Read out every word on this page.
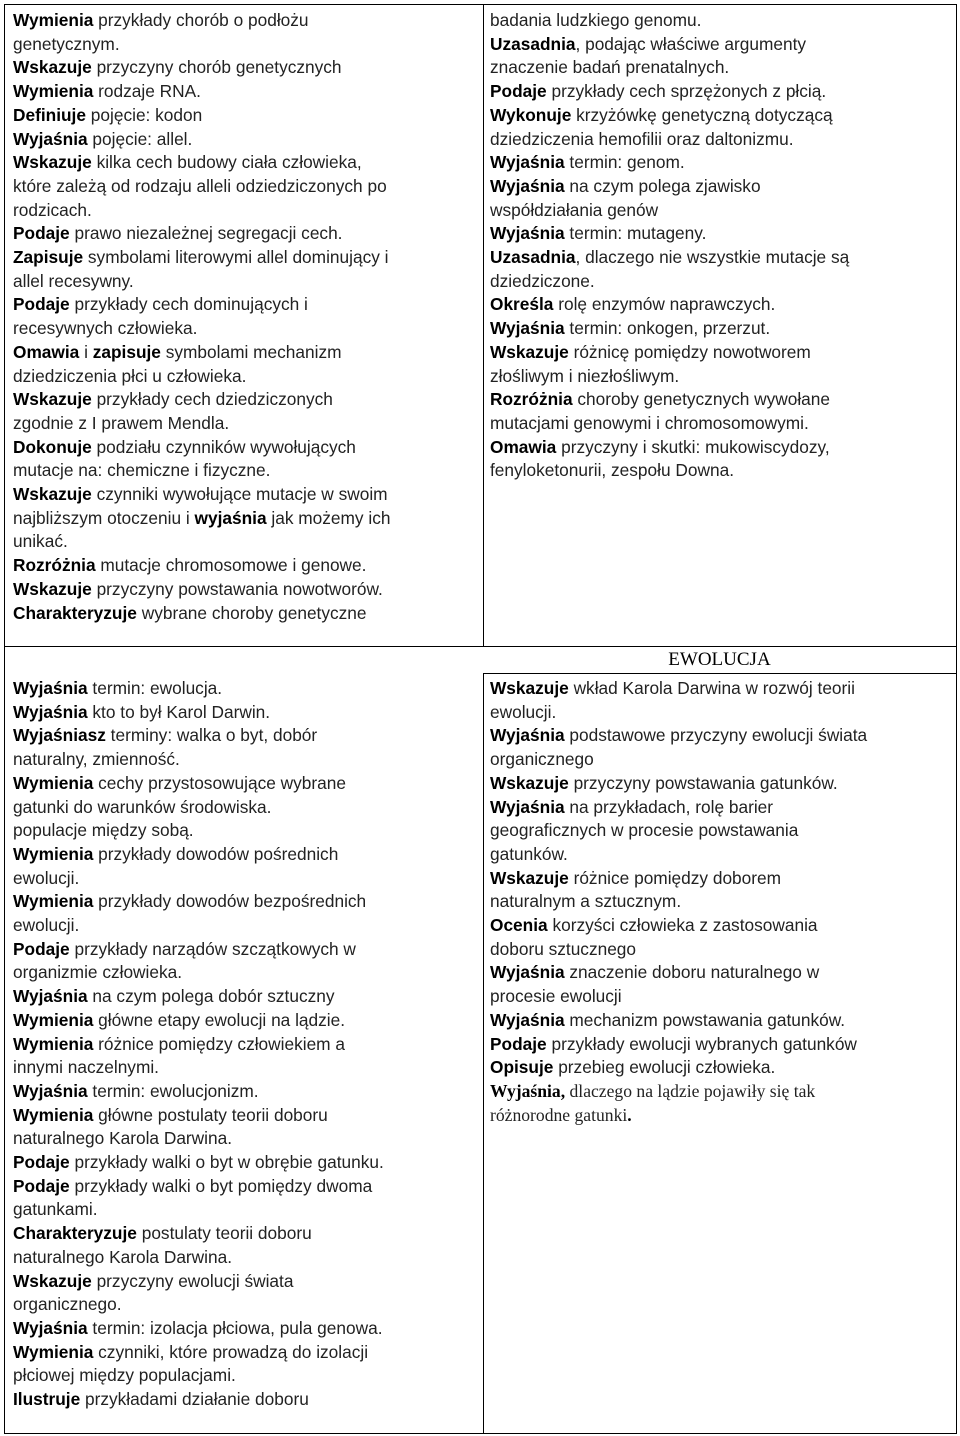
Wymienia przykłady chorób o podłożu
genetycznym.
Wskazuje przyczyny chorób genetycznych
Wymienia rodzaje RNA.
Definiuje pojęcie: kodon
Wyjaśnia pojęcie: allel.
Wskazuje kilka cech budowy ciała człowieka,
które zależą od rodzaju alleli odziedziczonych po
rodzicach.
Podaje prawo niezależnej segregacji cech.
Zapisuje symbolami literowymi allel dominujący i
allel recesywny.
Podaje przykłady cech dominujących i
recesywnych człowieka.
Omawia i zapisuje symbolami mechanizm
dziedziczenia płci u człowieka.
Wskazuje przykłady cech dziedziczonych
zgodnie z I prawem Mendla.
Dokonuje podziału czynników wywołujących
mutacje na: chemiczne i fizyczne.
Wskazuje czynniki wywołujące mutacje w swoim
najbliższym otoczeniu i wyjaśnia jak możemy ich
unikać.
Rozróżnia mutacje chromosomowe i genowe.
Wskazuje przyczyny powstawania nowotworów.
Charakteryzuje wybrane choroby genetyczne
badania ludzkiego genomu.
Uzasadnia, podając właściwe argumenty
znaczenie badań prenatalnych.
Podaje przykłady cech sprzężonych z płcią.
Wykonuje krzyżówkę genetyczną dotyczącą
dziedziczenia hemofilii oraz daltonizmu.
Wyjaśnia termin: genom.
Wyjaśnia na czym polega zjawisko
współdziałania genów
Wyjaśnia termin: mutageny.
Uzasadnia, dlaczego nie wszystkie mutacje są
dziedziczone.
Określa rolę enzymów naprawczych.
Wyjaśnia termin: onkogen, przerzut.
Wskazuje różnicę pomiędzy nowotworem
złośliwym i niezłośliwym.
Rozróżnia choroby genetycznych wywołane
mutacjami genowymi i chromosomowymi.
Omawia przyczyny i skutki: mukowiscydozy,
fenyloketonurii, zespołu Downa.
EWOLUCJA
Wyjaśnia termin: ewolucja.
Wyjaśnia kto to był Karol Darwin.
Wyjaśniasz terminy: walka o byt, dobór
naturalny, zmienność.
Wymienia cechy przystosowujące wybrane
gatunki do warunków środowiska.
populacje między sobą.
Wymienia przykłady dowodów pośrednich
ewolucji.
Wymienia przykłady dowodów bezpośrednich
ewolucji.
Podaje przykłady narządów szczątkowych w
organizmie człowieka.
Wyjaśnia na czym polega dobór sztuczny
Wymienia główne etapy ewolucji na lądzie.
Wymienia różnice pomiędzy człowiekiem a
innymi naczelnymi.
Wyjaśnia termin: ewolucjonizm.
Wymienia główne postulaty teorii doboru
naturalnego Karola Darwina.
Podaje przykłady walki o byt w obrębie gatunku.
Podaje przykłady walki o byt pomiędzy dwoma
gatunkami.
Charakteryzuje postulaty teorii doboru
naturalnego Karola Darwina.
Wskazuje przyczyny ewolucji świata
organicznego.
Wyjaśnia termin: izolacja płciowa, pula genowa.
Wymienia czynniki, które prowadzą do izolacji
płciowej między populacjami.
Ilustruje przykładami działanie doboru
Wskazuje wkład Karola Darwina w rozwój teorii
ewolucji.
Wyjaśnia podstawowe przyczyny ewolucji świata
organicznego
Wskazuje przyczyny powstawania gatunków.
Wyjaśnia na przykładach, rolę barier
geograficznych w procesie powstawania
gatunków.
Wskazuje różnice pomiędzy doborem
naturalnym a sztucznym.
Ocenia korzyści człowieka z zastosowania
doboru sztucznego
Wyjaśnia znaczenie doboru naturalnego w
procesie ewolucji
Wyjaśnia mechanizm powstawania gatunków.
Podaje przykłady ewolucji wybranych gatunków
Opisuje przebieg ewolucji człowieka.
Wyjaśnia, dlaczego na lądzie pojawiły się tak
różnorodne gatunki.
